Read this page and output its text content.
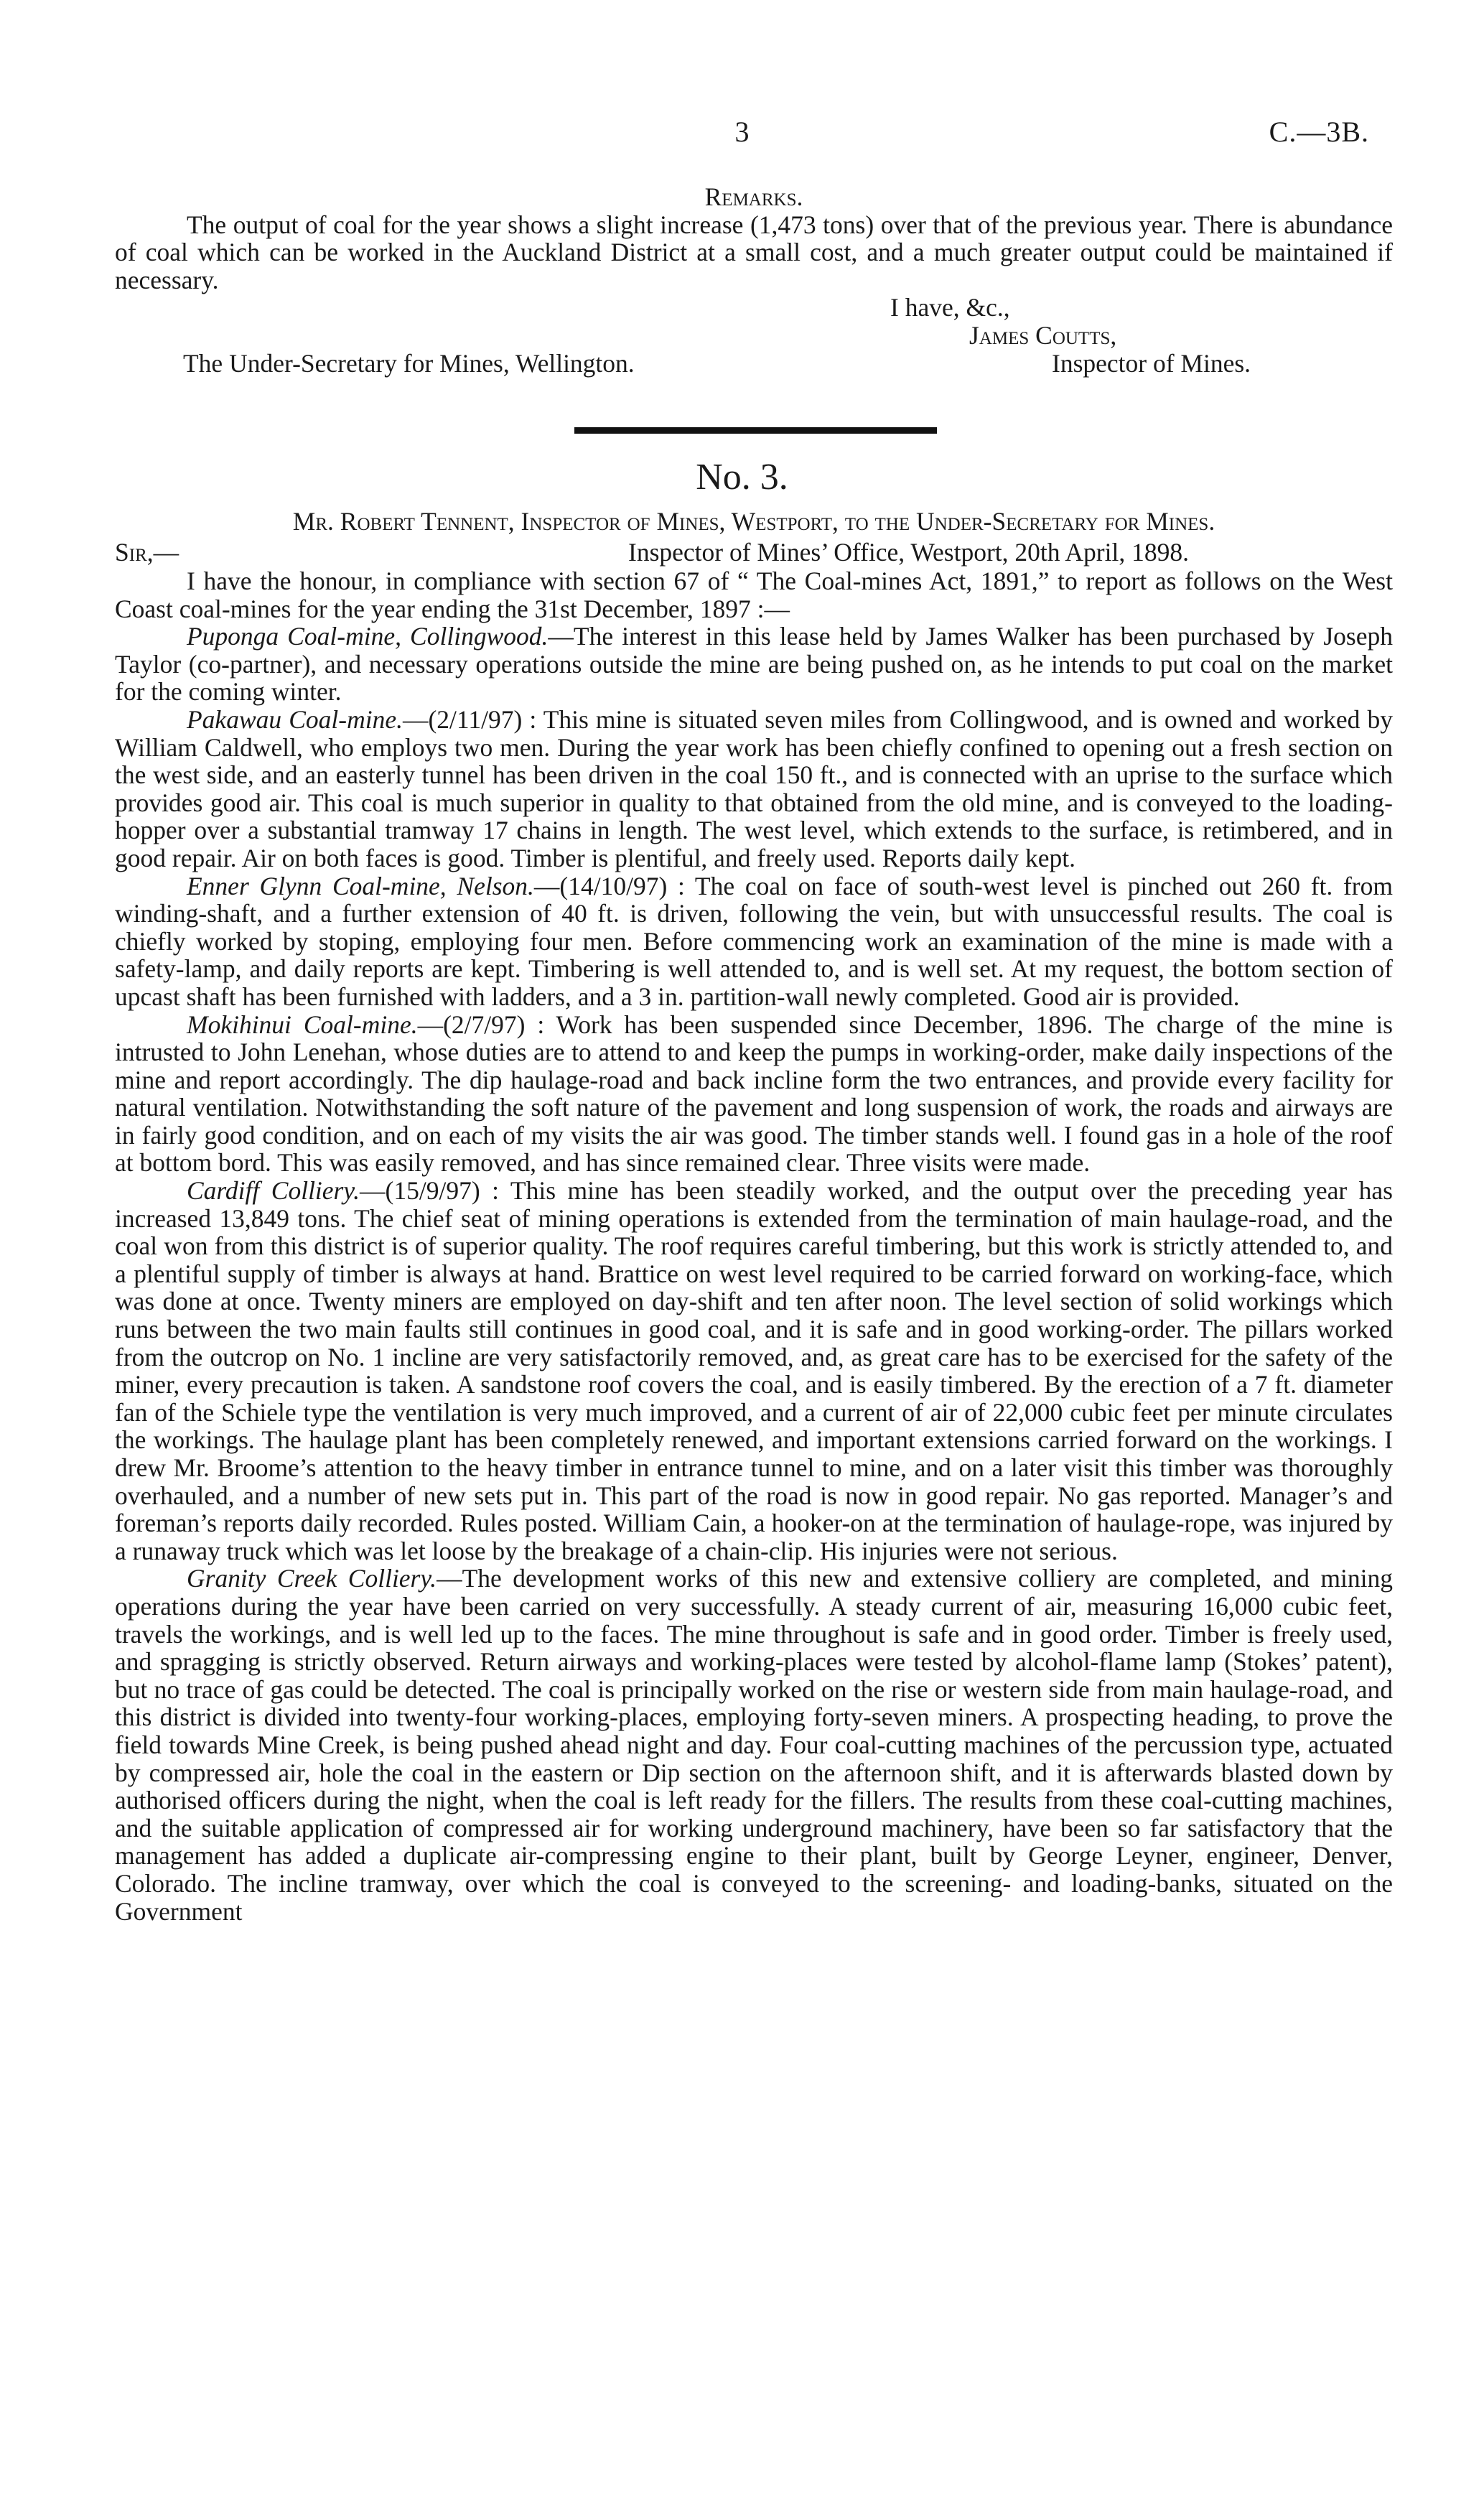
3	C.—3B.

Remarks.

The output of coal for the year shows a slight increase (1,473 tons) over that of the previous year. There is abundance of coal which can be worked in the Auckland District at a small cost, and a much greater output could be maintained if necessary.

I have, &c.,
James Coutts,
The Under-Secretary for Mines, Wellington.	Inspector of Mines.
No. 3.
Mr. Robert Tennent, Inspector of Mines, Westport, to the Under-Secretary for Mines.
Sir,—	Inspector of Mines’ Office, Westport, 20th April, 1898.

I have the honour, in compliance with section 67 of “ The Coal-mines Act, 1891,” to report as follows on the West Coast coal-mines for the year ending the 31st December, 1897 :—

Puponga Coal-mine, Collingwood.—The interest in this lease held by James Walker has been purchased by Joseph Taylor (co-partner), and necessary operations outside the mine are being pushed on, as he intends to put coal on the market for the coming winter.

Pakawau Coal-mine.—(2/11/97) : This mine is situated seven miles from Collingwood, and is owned and worked by William Caldwell, who employs two men. During the year work has been chiefly confined to opening out a fresh section on the west side, and an easterly tunnel has been driven in the coal 150 ft., and is connected with an uprise to the surface which provides good air. This coal is much superior in quality to that obtained from the old mine, and is conveyed to the loading-hopper over a substantial tramway 17 chains in length. The west level, which extends to the surface, is retimbered, and in good repair. Air on both faces is good. Timber is plentiful, and freely used. Reports daily kept.

Enner Glynn Coal-mine, Nelson.—(14/10/97) : The coal on face of south-west level is pinched out 260 ft. from winding-shaft, and a further extension of 40 ft. is driven, following the vein, but with unsuccessful results. The coal is chiefly worked by stoping, employing four men. Before commencing work an examination of the mine is made with a safety-lamp, and daily reports are kept. Timbering is well attended to, and is well set. At my request, the bottom section of upcast shaft has been furnished with ladders, and a 3 in. partition-wall newly completed. Good air is provided.

Mokihinui Coal-mine.—(2/7/97) : Work has been suspended since December, 1896. The charge of the mine is intrusted to John Lenehan, whose duties are to attend to and keep the pumps in working-order, make daily inspections of the mine and report accordingly. The dip haulage-road and back incline form the two entrances, and provide every facility for natural ventilation. Notwithstanding the soft nature of the pavement and long suspension of work, the roads and airways are in fairly good condition, and on each of my visits the air was good. The timber stands well. I found gas in a hole of the roof at bottom bord. This was easily removed, and has since remained clear. Three visits were made.

Cardiff Colliery.—(15/9/97) : This mine has been steadily worked, and the output over the preceding year has increased 13,849 tons. The chief seat of mining operations is extended from the termination of main haulage-road, and the coal won from this district is of superior quality. The roof requires careful timbering, but this work is strictly attended to, and a plentiful supply of timber is always at hand. Brattice on west level required to be carried forward on working-face, which was done at once. Twenty miners are employed on day-shift and ten after noon. The level section of solid workings which runs between the two main faults still continues in good coal, and it is safe and in good working-order. The pillars worked from the outcrop on No. 1 incline are very satisfactorily removed, and, as great care has to be exercised for the safety of the miner, every precaution is taken. A sandstone roof covers the coal, and is easily timbered. By the erection of a 7 ft. diameter fan of the Schiele type the ventilation is very much improved, and a current of air of 22,000 cubic feet per minute circulates the workings. The haulage plant has been completely renewed, and important extensions carried forward on the workings. I drew Mr. Broome’s attention to the heavy timber in entrance tunnel to mine, and on a later visit this timber was thoroughly overhauled, and a number of new sets put in. This part of the road is now in good repair. No gas reported. Manager’s and foreman’s reports daily recorded. Rules posted. William Cain, a hooker-on at the termination of haulage-rope, was injured by a runaway truck which was let loose by the breakage of a chain-clip. His injuries were not serious.

Granity Creek Colliery.—The development works of this new and extensive colliery are completed, and mining operations during the year have been carried on very successfully. A steady current of air, measuring 16,000 cubic feet, travels the workings, and is well led up to the faces. The mine throughout is safe and in good order. Timber is freely used, and spragging is strictly observed. Return airways and working-places were tested by alcohol-flame lamp (Stokes’ patent), but no trace of gas could be detected. The coal is principally worked on the rise or western side from main haulage-road, and this district is divided into twenty-four working-places, employing forty-seven miners. A prospecting heading, to prove the field towards Mine Creek, is being pushed ahead night and day. Four coal-cutting machines of the percussion type, actuated by compressed air, hole the coal in the eastern or Dip section on the afternoon shift, and it is afterwards blasted down by authorised officers during the night, when the coal is left ready for the fillers. The results from these coal-cutting machines, and the suitable application of compressed air for working underground machinery, have been so far satisfactory that the management has added a duplicate air-compressing engine to their plant, built by George Leyner, engineer, Denver, Colorado. The incline tramway, over which the coal is conveyed to the screening- and loading-banks, situated on the Government
